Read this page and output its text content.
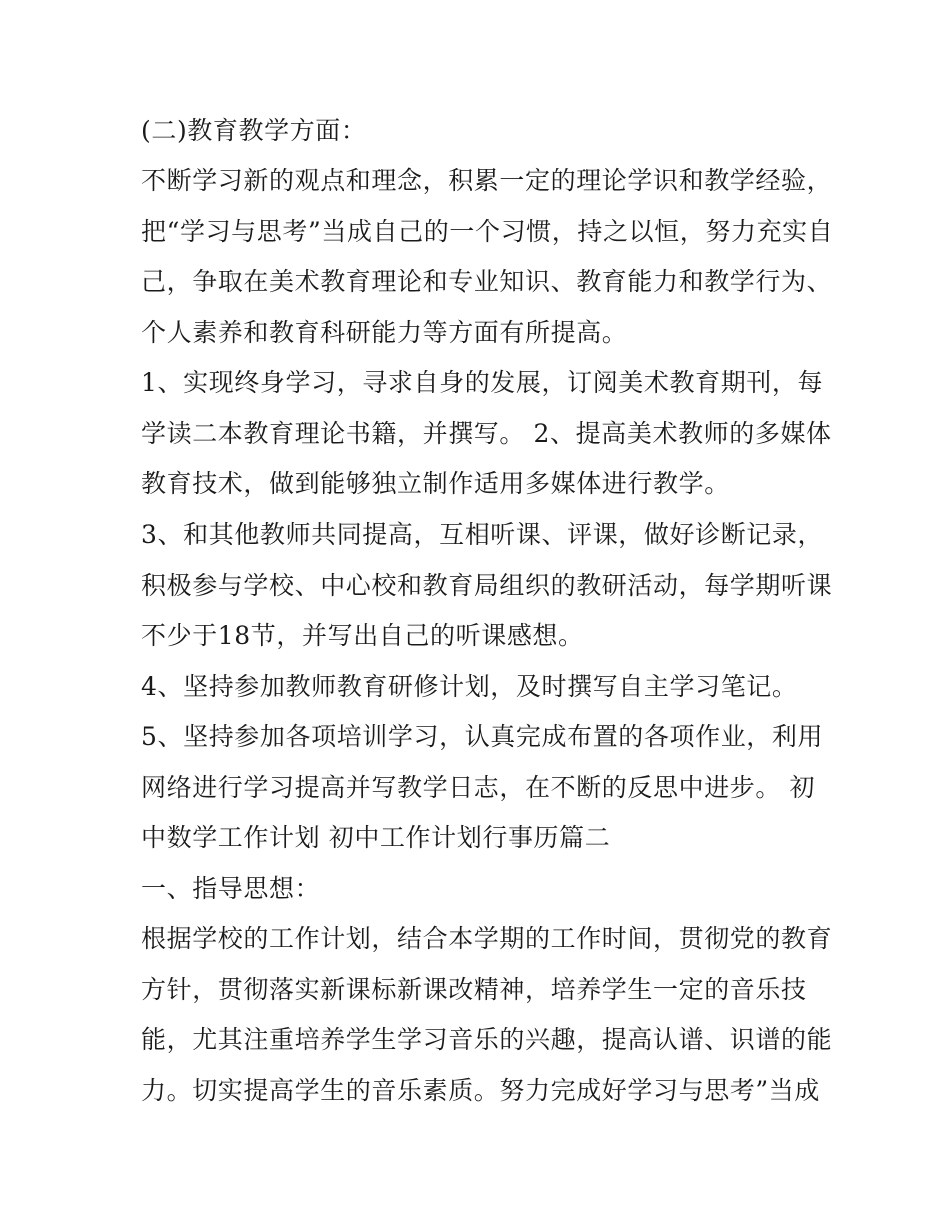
(二)教育教学方面：
不断学习新的观点和理念，积累一定的理论学识和教学经验，
把“学习与思考”当成自己的一个习惯，持之以恒，努力充实自
己，争取在美术教育理论和专业知识、教育能力和教学行为、
个人素养和教育科研能力等方面有所提高。
1、实现终身学习，寻求自身的发展，订阅美术教育期刊，每
学读二本教育理论书籍，并撰写。 2、提高美术教师的多媒体
教育技术，做到能够独立制作适用多媒体进行教学。
3、和其他教师共同提高，互相听课、评课，做好诊断记录，
积极参与学校、中心校和教育局组织的教研活动，每学期听课
不少于18节，并写出自己的听课感想。
4、坚持参加教师教育研修计划，及时撰写自主学习笔记。
5、坚持参加各项培训学习，认真完成布置的各项作业，利用
网络进行学习提高并写教学日志，在不断的反思中进步。 初
中数学工作计划 初中工作计划行事历篇二
一、指导思想：
根据学校的工作计划，结合本学期的工作时间，贯彻党的教育
方针，贯彻落实新课标新课改精神，培养学生一定的音乐技
能，尤其注重培养学生学习音乐的兴趣，提高认谱、识谱的能
力。切实提高学生的音乐素质。努力完成好学习与思考”当成
